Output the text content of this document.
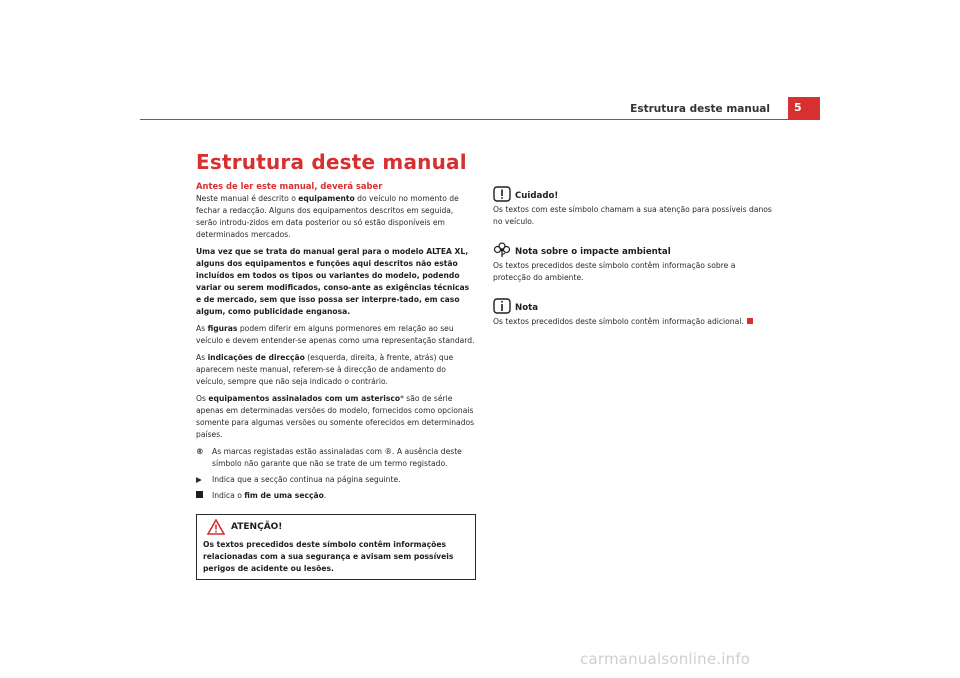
Estrutura deste manual	5
Estrutura deste manual
Antes de ler este manual, deverá saber

Neste manual é descrito o equipamento do veículo no momento de fechar a redacção. Alguns dos equipamentos descritos em seguida, serão introdu-zidos em data posterior ou só estão disponíveis em determinados mercados.

Uma vez que se trata do manual geral para o modelo ALTEA XL, alguns dos equipamentos e funções aqui descritos não estão incluídos em todos os tipos ou variantes do modelo, podendo variar ou serem modificados, conso-ante as exigências técnicas e de mercado, sem que isso possa ser interpre-tado, em caso algum, como publicidade enganosa.

As figuras podem diferir em alguns pormenores em relação ao seu veículo e devem entender-se apenas como uma representação standard.

As indicações de direcção (esquerda, direita, à frente, atrás) que aparecem neste manual, referem-se à direcção de andamento do veículo, sempre que não seja indicado o contrário.

Os equipamentos assinalados com um asterisco* são de série apenas em determinadas versões do modelo, fornecidos como opcionais somente para algumas versões ou somente oferecidos em determinados países.

® As marcas registadas estão assinaladas com ®. A ausência deste símbolo não garante que não se trate de um termo registado.
▶ Indica que a secção continua na página seguinte.
Indica o fim de uma secção.
ATENÇÃO!
Os textos precedidos deste símbolo contêm informações relacionadas com a sua segurança e avisam sem possíveis perigos de acidente ou lesões.
Cuidado!
Os textos com este símbolo chamam a sua atenção para possíveis danos no veículo.
Nota sobre o impacte ambiental
Os textos precedidos deste símbolo contêm informação sobre a protecção do ambiente.
Nota
Os textos precedidos deste símbolo contêm informação adicional.
carmanualsonline.info
